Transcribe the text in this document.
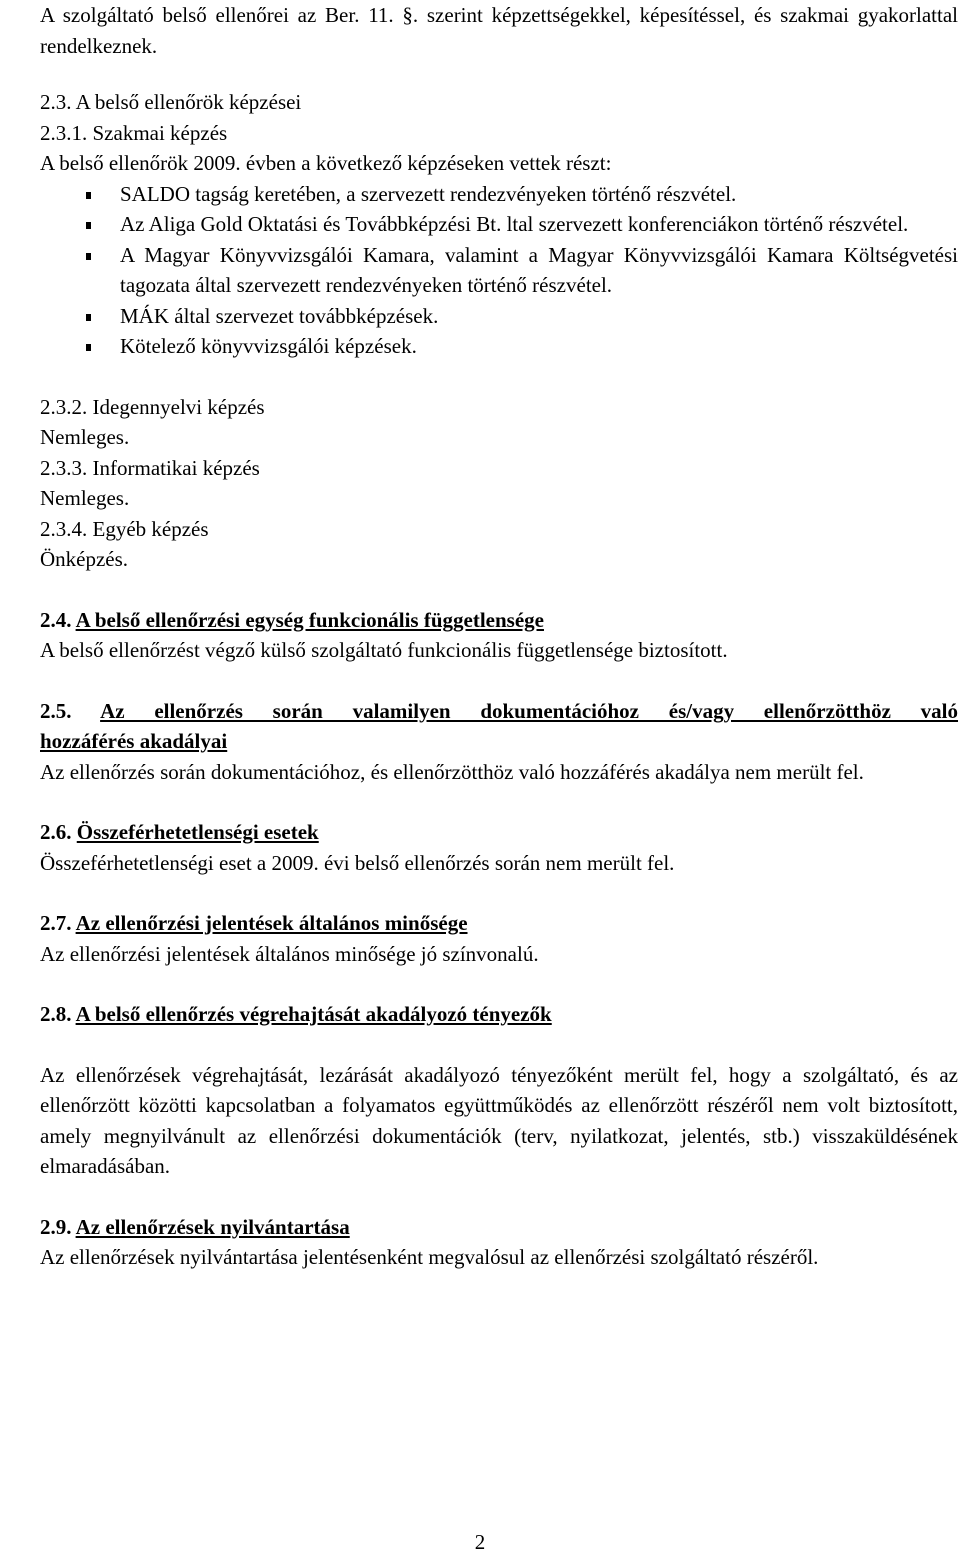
A szolgáltató belső ellenőrei az Ber. 11. §. szerint képzettségekkel, képesítéssel, és szakmai gyakorlattal rendelkeznek.

2.3. A belső ellenőrök képzései

2.3.1. Szakmai képzés

A belső ellenőrök 2009. évben a következő képzéseken vettek részt:

SALDO tagság keretében, a szervezett rendezvényeken történő részvétel.
Az Aliga Gold Oktatási és Továbbképzési Bt. ltal szervezett konferenciákon történő részvétel.
A Magyar Könyvvizsgálói Kamara, valamint a Magyar Könyvvizsgálói Kamara Költségvetési tagozata által szervezett rendezvényeken történő részvétel.
MÁK által szervezet továbbképzések.
Kötelező könyvvizsgálói képzések.

2.3.2. Idegennyelvi képzés

Nemleges.

2.3.3. Informatikai képzés

Nemleges.

2.3.4. Egyéb képzés

Önképzés.

2.4. A belső ellenőrzési egység funkcionális függetlensége

A belső ellenőrzést végző külső szolgáltató funkcionális függetlensége biztosított.

2.5. Az ellenőrzés során valamilyen dokumentációhoz és/vagy ellenőrzötthöz való

hozzáférés akadályai

Az ellenőrzés során dokumentációhoz, és ellenőrzötthöz való hozzáférés akadálya nem merült fel.

2.6. Összeférhetetlenségi esetek

Összeférhetetlenségi eset a 2009. évi belső ellenőrzés során nem merült fel.

2.7. Az ellenőrzési jelentések általános minősége

Az ellenőrzési jelentések általános minősége jó színvonalú.

2.8. A belső ellenőrzés végrehajtását akadályozó tényezők

Az ellenőrzések végrehajtását, lezárását akadályozó tényezőként merült fel, hogy a szolgáltató, és az ellenőrzött közötti kapcsolatban a folyamatos együttműködés az ellenőrzött részéről nem volt biztosított, amely megnyilvánult az ellenőrzési dokumentációk (terv, nyilatkozat, jelentés, stb.) visszaküldésének elmaradásában.

2.9. Az ellenőrzések nyilvántartása

Az ellenőrzések nyilvántartása jelentésenként megvalósul az ellenőrzési szolgáltató részéről.

2
